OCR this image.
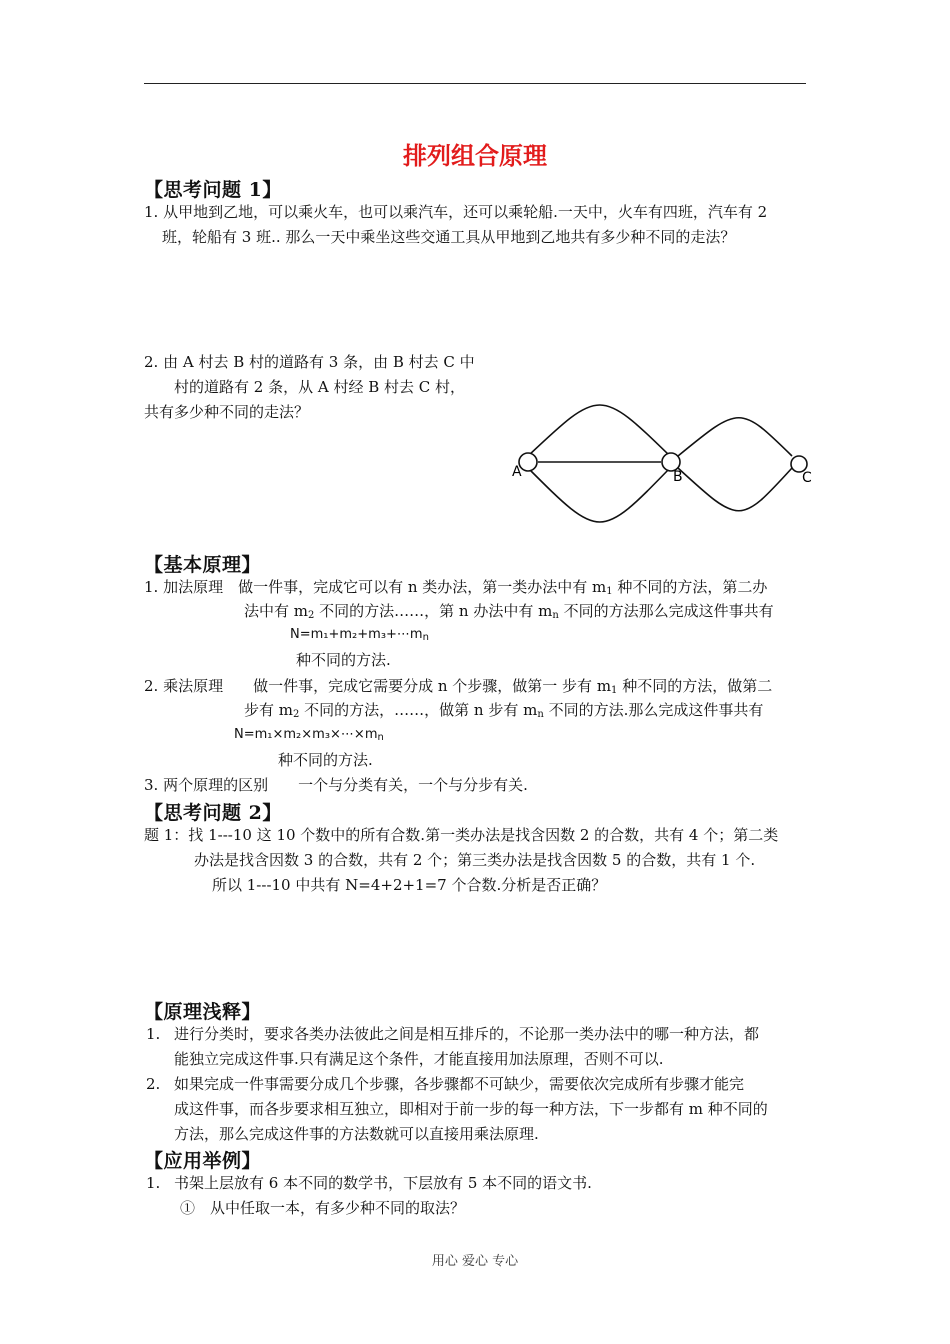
排列组合原理
【思考问题 1】
1. 从甲地到乙地，可以乘火车，也可以乘汽车，还可以乘轮船.一天中，火车有四班，汽车有 2
班，轮船有 3 班.. 那么一天中乘坐这些交通工具从甲地到乙地共有多少种不同的走法？
2. 由 A 村去 B 村的道路有 3 条，由 B 村去 C 中
村的道路有 2 条，从 A 村经 B 村去 C 村，
共有多少种不同的走法？
A	B	C
【基本原理】
1. 加法原理　做一件事，完成它可以有 n 类办法，第一类办法中有 $m_1$ 种不同的方法，第二办
法中有 $m_2$ 不同的方法……，第 n 办法中有 $m_n$ 不同的方法那么完成这件事共有
$N=m_1+m_2+m_3+\cdots m_n$
种不同的方法.
2. 乘法原理　　做一件事，完成它需要分成 n 个步骤，做第一 步有 $m_1$ 种不同的方法，做第二
步有 $m_2$ 不同的方法，……，做第 n 步有 $m_n$ 不同的方法.那么完成这件事共有
$N=m_1\times m_2\times m_3\times\cdots\times m_n$
种不同的方法.
3. 两个原理的区别　　一个与分类有关，一个与分步有关.
【思考问题 2】
题 1：找 1---10 这 10 个数中的所有合数.第一类办法是找含因数 2 的合数，共有 4 个；第二类
办法是找含因数 3 的合数，共有 2 个；第三类办法是找含因数 5 的合数，共有 1 个.
所以 1---10 中共有 N=4+2+1=7 个合数.分析是否正确？
【原理浅释】
1. 进行分类时，要求各类办法彼此之间是相互排斥的，不论那一类办法中的哪一种方法，都
能独立完成这件事.只有满足这个条件，才能直接用加法原理，否则不可以.
2. 如果完成一件事需要分成几个步骤，各步骤都不可缺少，需要依次完成所有步骤才能完
成这件事，而各步要求相互独立，即相对于前一步的每一种方法，下一步都有 m 种不同的
方法，那么完成这件事的方法数就可以直接用乘法原理.
【应用举例】
1. 书架上层放有 6 本不同的数学书，下层放有 5 本不同的语文书.
①　从中任取一本，有多少种不同的取法？
用心 爱心 专心
